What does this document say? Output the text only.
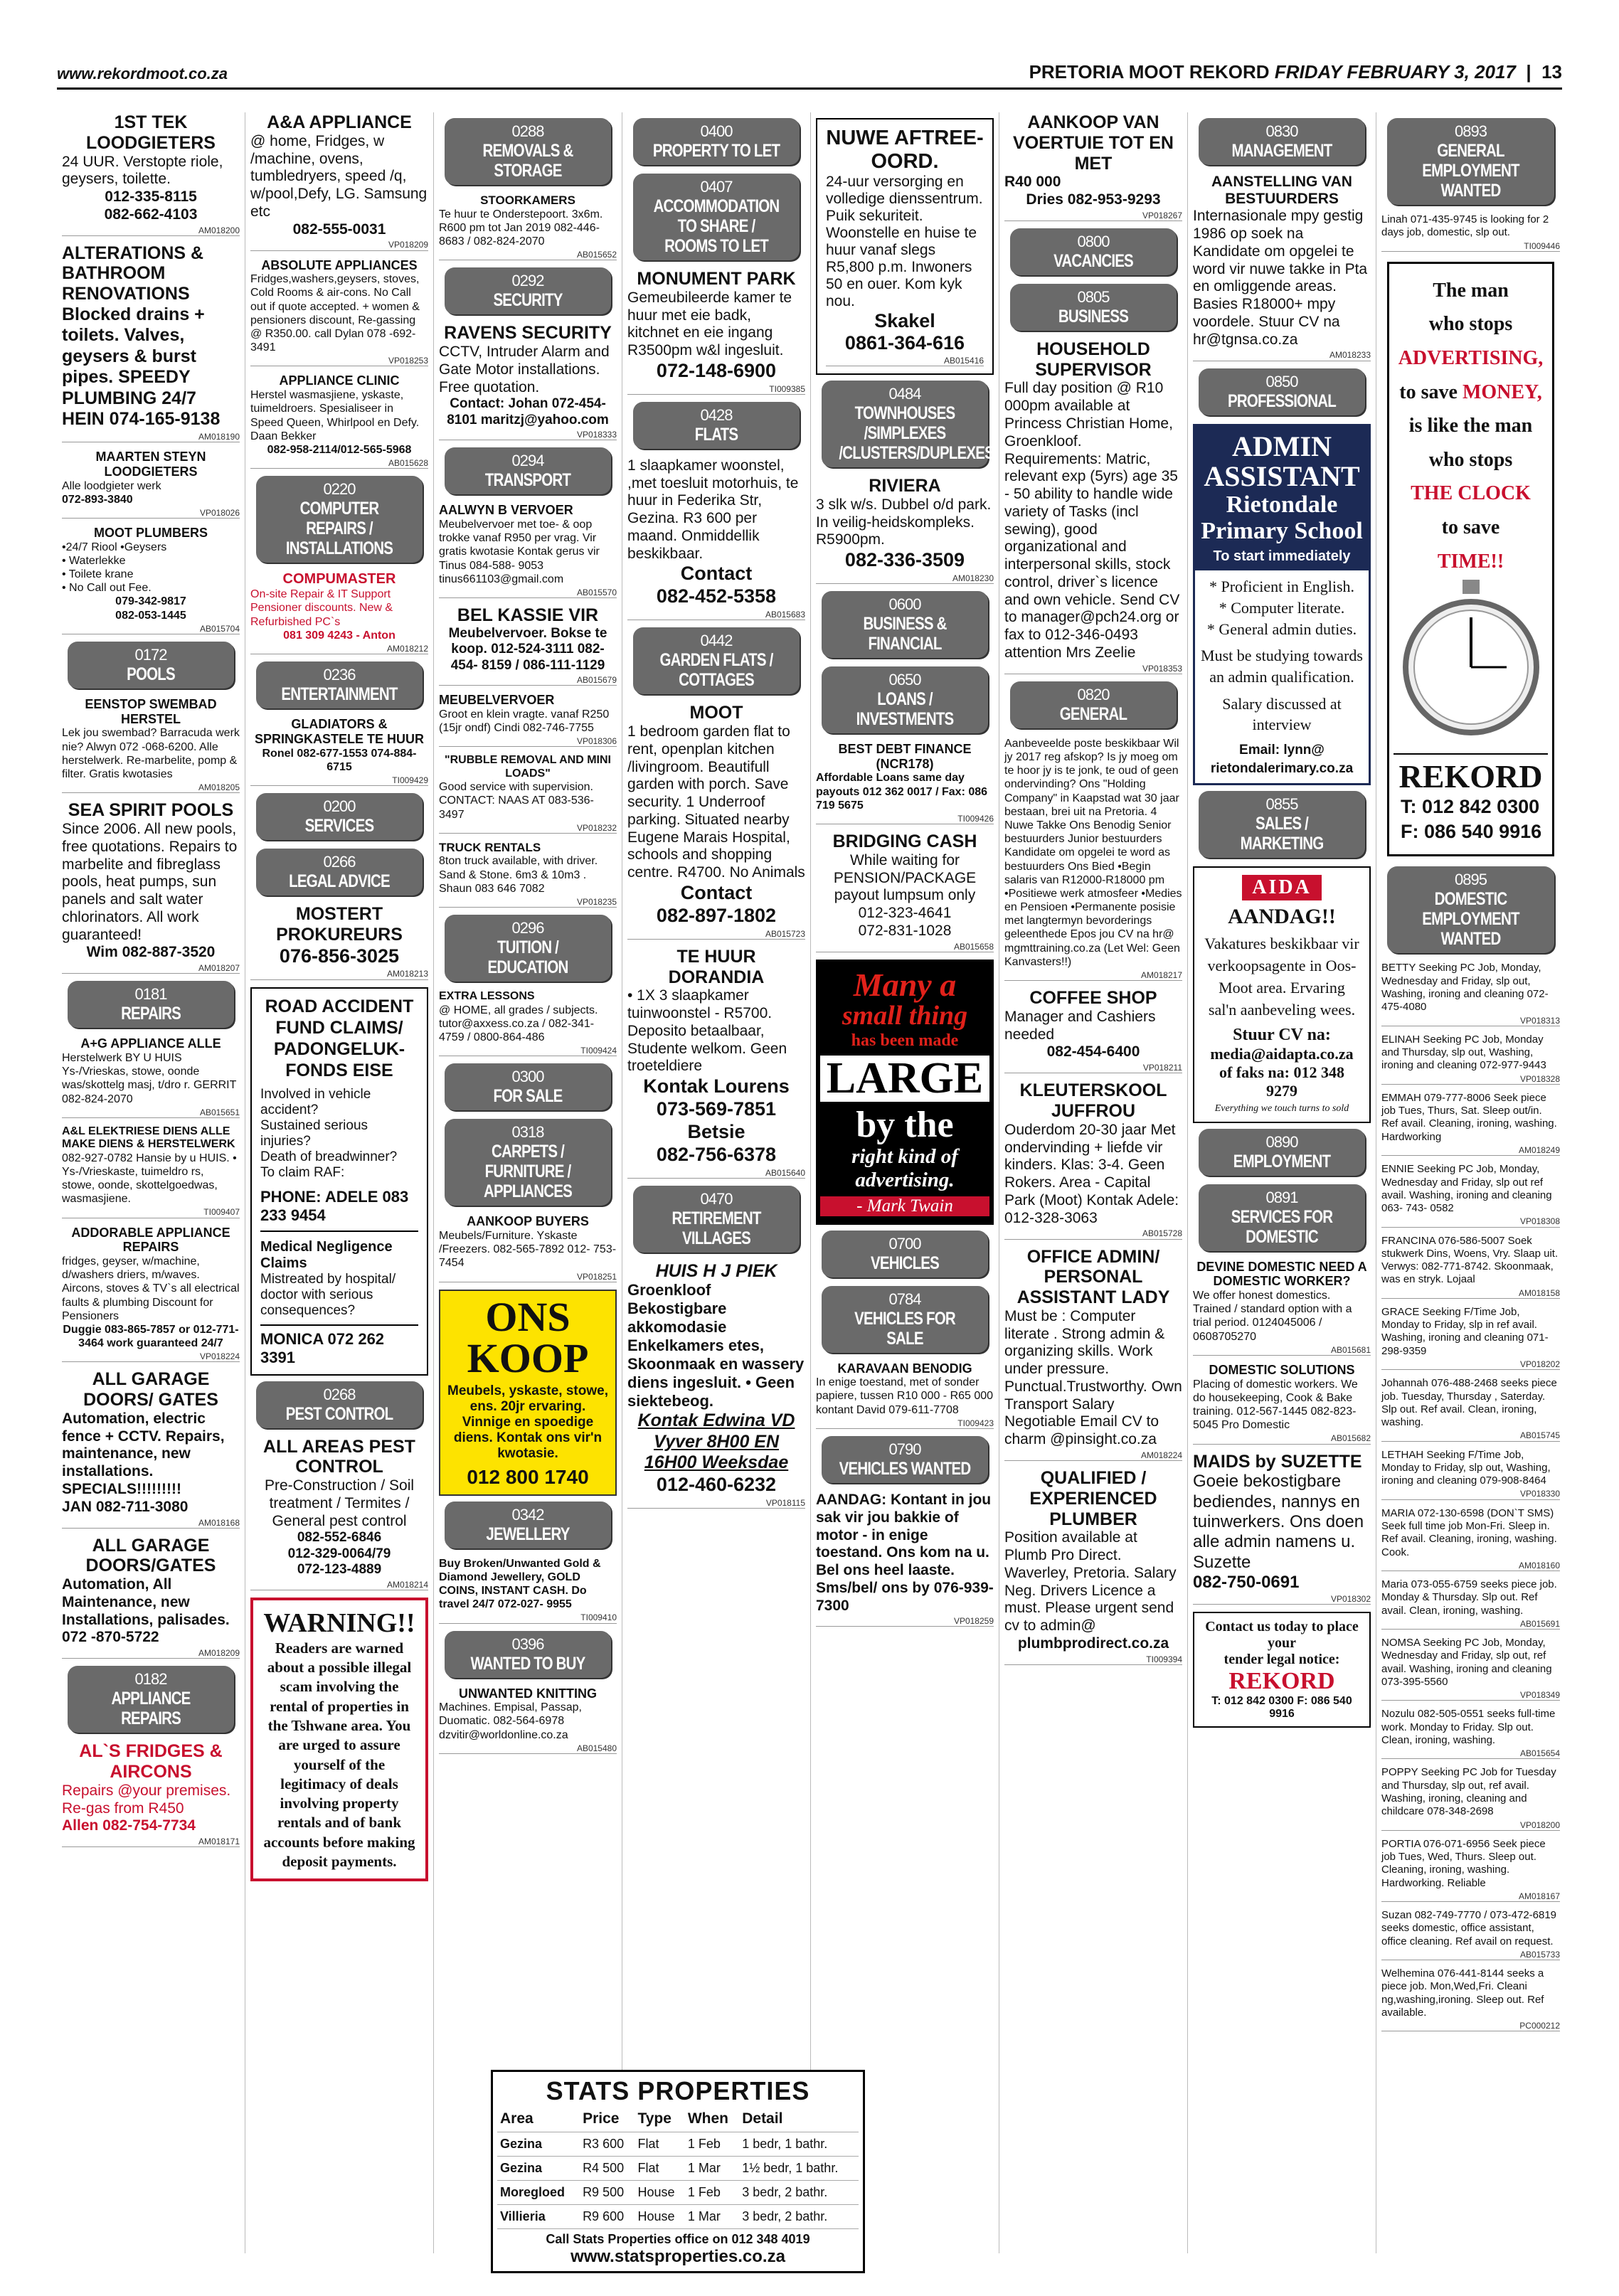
www.rekordmoot.co.za	PRETORIA MOOT REKORD FRIDAY FEBRUARY 3, 2017  |  13
1ST TEK LOODGIETERS
24 UUR. Verstopte riole, geysers, toilette.
012-335-8115
082-662-4103
AM018200
ALTERATIONS & BATHROOM RENOVATIONS
Blocked drains + toilets. Valves, geysers & burst pipes. SPEEDY PLUMBING 24/7 HEIN 074-165-9138
AM018190
MAARTEN STEYN LOODGIETERS
Alle loodgieter werk
072-893-3840
VP018026
MOOT PLUMBERS
•24/7 Riool •Geysers
• Waterlekke
• Toilete krane
• No Call out Fee.
079-342-9817
082-053-1445
AB015704
0172
POOLS
EENSTOP SWEMBAD HERSTEL
Lek jou swembad? Barracuda werk nie? Alwyn 072 -068-6200. Alle herstelwerk. Re-marbelite, pomp & filter. Gratis kwotasies
AM018205
SEA SPIRIT POOLS
Since 2006. All new pools, free quotations. Repairs to marbelite and fibreglass pools, heat pumps, sun panels and salt water chlorinators. All work guaranteed!
Wim 082-887-3520
AM018207
0181
REPAIRS
A+G APPLIANCE ALLE
Herstelwerk BY U HUIS Ys-/Vrieskas, stowe, oonde was/skottelg masj, t/dro r. GERRIT 082-824-2070
AB015651
A&L ELEKTRIESE DIENS ALLE MAKE DIENS & HERSTELWERK
082-927-0782 Hansie by u HUIS. • Ys-/Vrieskaste, tuimeldro rs, stowe, oonde, skottelgoedwas, wasmasjiene.
TI009407
ADDORABLE APPLIANCE REPAIRS
fridges, geyser, w/machine, d/washers driers, m/waves. Aircons, stoves & TV`s all electrical faults & plumbing Discount for Pensioners
Duggie 083-865-7857 or 012-771-3464 work guaranteed 24/7
VP018224
ALL GARAGE DOORS/ GATES
Automation, electric fence + CCTV. Repairs, maintenance, new installations. SPECIALS!!!!!!!!!
JAN 082-711-3080
AM018168
ALL GARAGE DOORS/GATES
Automation, All Maintenance, new Installations, palisades.
072 -870-5722
AM018209
0182
APPLIANCE REPAIRS
AL`S FRIDGES & AIRCONS
Repairs @your premises. Re-gas from R450
Allen 082-754-7734
AM018171
A&A APPLIANCE
@ home, Fridges, w /machine, ovens, tumbledryers, speed /q, w/pool,Defy, LG. Samsung etc
082-555-0031
VP018209
ABSOLUTE APPLIANCES
Fridges,washers,geysers, stoves, Cold Rooms & air-cons. No Call out if quote accepted. + women & pensioners discount, Re-gassing @ R350.00. call Dylan 078 -692-3491
VP018253
APPLIANCE CLINIC
Herstel wasmasjiene, yskaste, tuimeldroers. Spesialiseer in Speed Queen, Whirlpool en Defy. Daan Bekker
082-958-2114/012-565-5968
AB015628
0220
COMPUTER REPAIRS / INSTALLATIONS
COMPUMASTER
On-site Repair & IT Support Pensioner discounts. New & Refurbished PC`s
081 309 4243 - Anton
AM018212
0236
ENTERTAINMENT
GLADIATORS & SPRINGKASTELE TE HUUR
Ronel 082-677-1553 074-884-6715
TI009429
0200
SERVICES
0266
LEGAL ADVICE
MOSTERT PROKUREURS
076-856-3025
AM018213
ROAD ACCIDENT FUND CLAIMS/ PADONGELUK-FONDS EISE
Involved in vehicle accident?
Sustained serious injuries?
Death of breadwinner?
To claim RAF:
PHONE: ADELE 083 233 9454
Medical Negligence Claims
Mistreated by hospital/ doctor with serious consequences?
MONICA 072 262 3391
0268
PEST CONTROL
ALL AREAS PEST CONTROL
Pre-Construction / Soil treatment / Termites / General pest control
082-552-6846
012-329-0064/79
072-123-4889
AM018214
WARNING!!
Readers are warned about a possible illegal scam involving the rental of properties in the Tshwane area. You are urged to assure yourself of the legitimacy of deals involving property rentals and of bank accounts before making deposit payments.
0288
REMOVALS & STORAGE
STOORKAMERS
Te huur te Onderstepoort. 3x6m. R600 pm tot Jan 2019 082-446-8683 / 082-824-2070
AB015652
0292
SECURITY
RAVENS SECURITY
CCTV, Intruder Alarm and Gate Motor installations. Free quotation.
Contact: Johan 072-454-8101 maritzj@yahoo.com
VP018333
0294
TRANSPORT
AALWYN B VERVOER
Meubelvervoer met toe- & oop trokke vanaf R950 per vrag. Vir gratis kwotasie Kontak gerus vir Tinus 084-588- 9053 tinus661103@gmail.com
AB015570
BEL KASSIE VIR
Meubelvervoer. Bokse te koop. 012-524-3111 082-454- 8159 / 086-111-1129
AB015679
MEUBELVERVOER
Groot en klein vragte. vanaf R250 (15jr ondf) Cindi 082-746-7755
VP018306
"RUBBLE REMOVAL AND MINI LOADS"
Good service with supervision. CONTACT: NAAS AT 083-536-3497
VP018232
TRUCK RENTALS
8ton truck available, with driver. Sand & Stone. 6m3 & 10m3 . Shaun 083 646 7082
VP018235
0296
TUITION / EDUCATION
EXTRA LESSONS
@ HOME, all grades / subjects. tutor@axxess.co.za / 082-341-4759 / 0800-864-486
TI009424
0300
FOR SALE
0318
CARPETS / FURNITURE / APPLIANCES
AANKOOP BUYERS
Meubels/Furniture. Yskaste /Freezers. 082-565-7892 012- 753-7454
VP018251
ONS KOOP
Meubels, yskaste, stowe, ens. 20jr ervaring. Vinnige en spoedige diens. Kontak ons vir'n kwotasie.
012 800 1740
0342
JEWELLERY
Buy Broken/Unwanted Gold & Diamond Jewellery, GOLD COINS, INSTANT CASH. Do travel 24/7 072-027- 9955
TI009410
0396
WANTED TO BUY
UNWANTED KNITTING
Machines. Empisal, Passap, Duomatic. 082-564-6978 dzvitir@worldonline.co.za
AB015480
0400
PROPERTY TO LET
0407
ACCOMMODATION TO SHARE / ROOMS TO LET
MONUMENT PARK
Gemeubileerde kamer te huur met eie badk, kitchnet en eie ingang R3500pm w&l ingesluit.
072-148-6900
TI009385
0428
FLATS
1 slaapkamer woonstel, ,met toesluit motorhuis, te huur in Federika Str, Gezina. R3 600 per maand. Onmiddellik beskikbaar.
Contact
082-452-5358
AB015683
0442
GARDEN FLATS / COTTAGES
MOOT
1 bedroom garden flat to rent, openplan kitchen /livingroom. Beautifull garden with porch. Save security. 1 Underroof parking. Situated nearby Eugene Marais Hospital, schools and shopping centre. R4700. No Animals
Contact
082-897-1802
AB015723
TE HUUR DORANDIA
• 1X 3 slaapkamer tuinwoonstel - R5700. Deposito betaalbaar, Studente welkom. Geen troeteldiere
Kontak Lourens
073-569-7851
Betsie
082-756-6378
AB015640
0470
RETIREMENT VILLAGES
HUIS H J PIEK
Groenkloof Bekostigbare akkomodasie Enkelkamers etes, Skoonmaak en wassery diens ingesluit. • Geen siektebeog.
Kontak Edwina VD Vyver 8H00 EN 16H00 Weeksdae
012-460-6232
VP018115
NUWE AFTREE-OORD.
24-uur versorging en volledige dienssentrum. Puik sekuriteit. Woonstelle en huise te huur vanaf slegs R5,800 p.m. Inwoners 50 en ouer. Kom kyk nou.
Skakel
0861-364-616
AB015416
0484
TOWNHOUSES /SIMPLEXES /CLUSTERS/DUPLEXES
RIVIERA
3 slk w/s. Dubbel o/d park. In veilig-heidskompleks. R5900pm.
082-336-3509
AM018230
0600
BUSINESS & FINANCIAL
0650
LOANS / INVESTMENTS
BEST DEBT FINANCE (NCR178)
Affordable Loans same day payouts 012 362 0017 / Fax: 086 719 5675
TI009426
BRIDGING CASH
While waiting for PENSION/PACKAGE payout lumpsum only
012-323-4641
072-831-1028
AB015658
Many a
small thing
has been made
LARGE
by the
right kind of
advertising.
- Mark Twain
0700
VEHICLES
0784
VEHICLES FOR SALE
KARAVAAN BENODIG
In enige toestand, met of sonder papiere, tussen R10 000 - R65 000 kontant David 079-611-7708
TI009423
0790
VEHICLES WANTED
AANDAG: Kontant in jou sak vir jou bakkie of motor - in enige toestand. Ons kom na u. Bel ons heel laaste. Sms/bel/ ons by 076-939-7300
VP018259
AANKOOP VAN VOERTUIE TOT EN MET
R40 000
Dries 082-953-9293
VP018267
0800
VACANCIES
0805
BUSINESS
HOUSEHOLD SUPERVISOR
Full day position @ R10 000pm available at Princess Christian Home, Groenkloof. Requirements: Matric, relevant exp (5yrs) age 35 - 50 ability to handle wide variety of Tasks (incl sewing), good organizational and interpersonal skills, stock control, driver`s licence and own vehicle. Send CV to manager@pch24.org or fax to 012-346-0493 attention Mrs Zeelie
VP018353
0820
GENERAL
Aanbeveelde poste beskikbaar Wil jy 2017 reg afskop? Is jy moeg om te hoor jy is te jonk, te oud of geen ondervinding? Ons "Holding Company" in Kaapstad wat 30 jaar bestaan, brei uit na Pretoria. 4 Nuwe Takke Ons Benodig Senior bestuurders Junior bestuurders Kandidate om opgelei te word as bestuurders Ons Bied •Begin salaris van R12000-R18000 pm •Positiewe werk atmosfeer •Medies en Pensioen •Permanente posisie met langtermyn bevorderings geleenthede Epos jou CV na hr@ mgmttraining.co.za (Let Wel: Geen Kanvasters!!)
AM018217
COFFEE SHOP
Manager and Cashiers needed
082-454-6400
VP018211
KLEUTERSKOOL JUFFROU
Ouderdom 20-30 jaar Met ondervinding + liefde vir kinders. Klas: 3-4. Geen Rokers. Area - Capital Park (Moot) Kontak Adele: 012-328-3063
AB015728
OFFICE ADMIN/ PERSONAL ASSISTANT LADY
Must be : Computer literate . Strong admin & organizing skills. Work under pressure. Punctual.Trustworthy. Own Transport Salary Negotiable Email CV to charm @pinsight.co.za
AM018224
QUALIFIED / EXPERIENCED PLUMBER
Position available at Plumb Pro Direct. Waverley, Pretoria. Salary Neg. Drivers Licence a must. Please urgent send cv to admin@
plumbprodirect.co.za
TI009394
0830
MANAGEMENT
AANSTELLING VAN BESTUURDERS
Internasionale mpy gestig 1986 op soek na Kandidate om opgelei te word vir nuwe takke in Pta en omliggende areas. Basies R18000+ mpy voordele. Stuur CV na hr@tgnsa.co.za
AM018233
0850
PROFESSIONAL
ADMIN ASSISTANT
Rietondale Primary School
To start immediately
* Proficient in English.
* Computer literate.
* General admin duties.
Must be studying towards an admin qualification.
Salary discussed at interview
Email: lynn@ rietondalerimary.co.za
0855
SALES / MARKETING
AIDA
AANDAG!!
Vakatures beskikbaar vir verkoopsagente in Oos-Moot area. Ervaring sal'n aanbeveling wees.
Stuur CV na:
media@aidapta.co.za
of faks na: 012 348 9279
Everything we touch turns to sold
0890
EMPLOYMENT
0891
SERVICES FOR DOMESTIC
DEVINE DOMESTIC NEED A DOMESTIC WORKER?
We offer honest domestics. Trained / standard option with a trial period. 0124045006 / 0608705270
AB015681
DOMESTIC SOLUTIONS
Placing of domestic workers. We do housekeeping, Cook & Bake training. 012-567-1445 082-823-5045 Pro Domestic
AB015682
MAIDS by SUZETTE
Goeie bekostigbare bediendes, nannys en tuinwerkers. Ons doen alle admin namens u. Suzette
082-750-0691
VP018302
Contact us today to place your
tender legal notice:
REKORD
T: 012 842 0300 F: 086 540 9916
0893
GENERAL EMPLOYMENT WANTED
Linah 071-435-9745 is looking for 2 days job, domestic, slp out.
TI009446
The man
who stops
ADVERTISING,
to save MONEY,
is like the man
who stops
THE CLOCK
to save
TIME!!
REKORD
T: 012 842 0300
F: 086 540 9916
0895
DOMESTIC EMPLOYMENT WANTED
BETTY Seeking PC Job, Monday, Wednesday and Friday, slp out, Washing, ironing and cleaning 072-475-4080
VP018313
ELINAH Seeking PC Job, Monday and Thursday, slp out, Washing, ironing and cleaning 072-977-9443
VP018328
EMMAH 079-777-8006 Seek piece job Tues, Thurs, Sat. Sleep out/in. Ref avail. Cleaning, ironing, washing. Hardworking
AM018249
ENNIE Seeking PC Job, Monday, Wednesday and Friday, slp out ref avail. Washing, ironing and cleaning 063- 743- 0582
VP018308
FRANCINA 076-586-5007 Soek stukwerk Dins, Woens, Vry. Slaap uit. Verwys: 082-771-8742. Skoonmaak, was en stryk. Lojaal
AM018158
GRACE Seeking F/Time Job, Monday to Friday, slp in ref avail. Washing, ironing and cleaning 071-298-9359
VP018202
Johannah 076-488-2468 seeks piece job. Tuesday, Thursday , Saterday. Slp out. Ref avail. Clean, ironing, washing.
AB015745
LETHAH Seeking F/Time Job, Monday to Friday, slp out, Washing, ironing and cleaning 079-908-8464
VP018330
MARIA 072-130-6598 (DON`T SMS) Seek full time job Mon-Fri. Sleep in. Ref avail. Cleaning, ironing, washing. Cook.
AM018160
Maria 073-055-6759 seeks piece job. Monday & Thursday. Slp out. Ref avail. Clean, ironing, washing.
AB015691
NOMSA Seeking PC Job, Monday, Wednesday and Friday, slp out, ref avail. Washing, ironing and cleaning 073-395-5560
VP018349
Nozulu 082-505-0551 seeks full-time work. Monday to Friday. Slp out. Clean, ironing, washing.
AB015654
POPPY Seeking PC Job for Tuesday and Thursday, slp out, ref avail. Washing, ironing, cleaning and childcare 078-348-2698
VP018200
PORTIA 076-071-6956 Seek piece job Tues, Wed, Thurs. Sleep out. Cleaning, ironing, washing. Hardworking. Reliable
AM018167
Suzan 082-749-7770 / 073-472-6819 seeks domestic, office assistant, office cleaning. Ref avail on request.
AB015733
Welhemina 076-441-8144 seeks a piece job. Mon,Wed,Fri. Cleani ng,washing,ironing. Sleep out. Ref available.
PC000212
STATS PROPERTIES
Area	Price	Type	When	Detail
Gezina	R3 600	Flat	1 Feb	1 bedr, 1 bathr.
Gezina	R4 500	Flat	1 Mar	1½ bedr, 1 bathr.
Moregloed	R9 500	House	1 Feb	3 bedr, 2 bathr.
Villieria	R9 600	House	1 Mar	3 bedr, 2 bathr.
Call Stats Properties office on 012 348 4019
www.statsproperties.co.za
